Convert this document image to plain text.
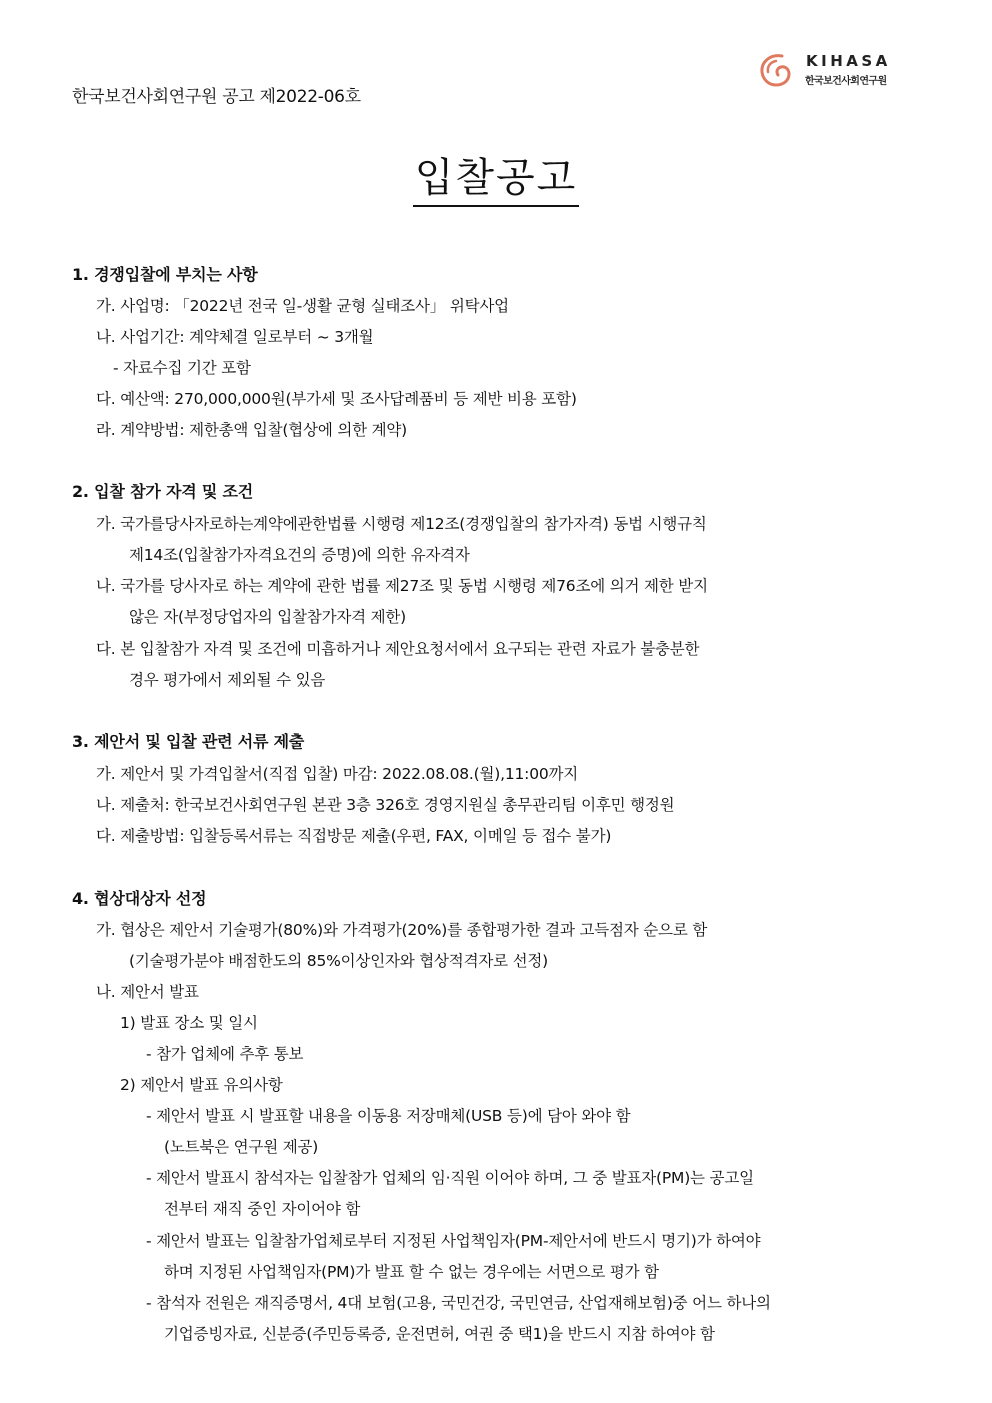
한국보건사회연구원 공고 제2022-06호
KIHASA
한국보건사회연구원
입찰공고
1. 경쟁입찰에 부치는 사항
가. 사업명: 「2022년 전국 일-생활 균형 실태조사」 위탁사업
나. 사업기간: 계약체결 일로부터 ~ 3개월
- 자료수집 기간 포함
다. 예산액: 270,000,000원(부가세 및 조사답례품비 등 제반 비용 포함)
라. 계약방법: 제한총액 입찰(협상에 의한 계약)
2. 입찰 참가 자격 및 조건
가. 국가를당사자로하는계약에관한법률 시행령 제12조(경쟁입찰의 참가자격) 동법 시행규칙
제14조(입찰참가자격요건의 증명)에 의한 유자격자
나. 국가를 당사자로 하는 계약에 관한 법률 제27조 및 동법 시행령 제76조에 의거 제한 받지
않은 자(부정당업자의 입찰참가자격 제한)
다. 본 입찰참가 자격 및 조건에 미흡하거나 제안요청서에서 요구되는 관련 자료가 불충분한
경우 평가에서 제외될 수 있음
3. 제안서 및 입찰 관련 서류 제출
가. 제안서 및 가격입찰서(직접 입찰) 마감: 2022.08.08.(월),11:00까지
나. 제출처: 한국보건사회연구원 본관 3층 326호 경영지원실 총무관리팀 이후민 행정원
다. 제출방법: 입찰등록서류는 직접방문 제출(우편, FAX, 이메일 등 접수 불가)
4. 협상대상자 선정
가. 협상은 제안서 기술평가(80%)와 가격평가(20%)를 종합평가한 결과 고득점자 순으로 함
(기술평가분야 배점한도의 85%이상인자와 협상적격자로 선정)
나. 제안서 발표
1) 발표 장소 및 일시
- 참가 업체에 추후 통보
2) 제안서 발표 유의사항
- 제안서 발표 시 발표할 내용을 이동용 저장매체(USB 등)에 담아 와야 함
(노트북은 연구원 제공)
- 제안서 발표시 참석자는 입찰참가 업체의 임·직원 이어야 하며, 그 중 발표자(PM)는 공고일
전부터 재직 중인 자이어야 함
- 제안서 발표는 입찰참가업체로부터 지정된 사업책임자(PM-제안서에 반드시 명기)가 하여야
하며 지정된 사업책임자(PM)가 발표 할 수 없는 경우에는 서면으로 평가 함
- 참석자 전원은 재직증명서, 4대 보험(고용, 국민건강, 국민연금, 산업재해보험)중 어느 하나의
기업증빙자료, 신분증(주민등록증, 운전면허, 여권 중 택1)을 반드시 지참 하여야 함
